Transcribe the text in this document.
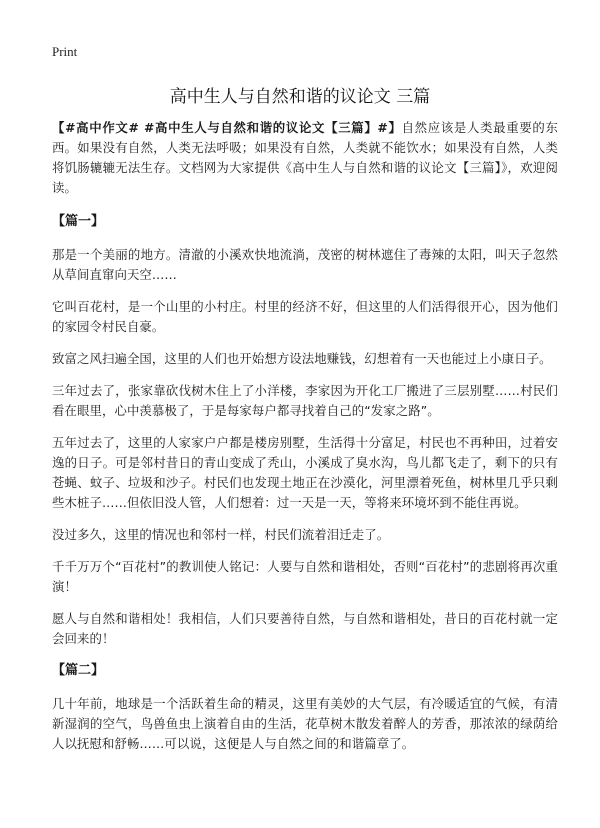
Print
高中生人与自然和谐的议论文 三篇

【#高中作文# #高中生人与自然和谐的议论文【三篇】#】自然应该是人类最重要的东西。如果没有自然，人类无法呼吸；如果没有自然，人类就不能饮水；如果没有自然，人类将饥肠辘辘无法生存。文档网为大家提供《高中生人与自然和谐的议论文【三篇】》，欢迎阅读。

【篇一】

那是一个美丽的地方。清澈的小溪欢快地流淌，茂密的树林遮住了毒辣的太阳，叫天子忽然从草间直窜向天空……

它叫百花村，是一个山里的小村庄。村里的经济不好，但这里的人们活得很开心，因为他们的家园令村民自豪。

致富之风扫遍全国，这里的人们也开始想方设法地赚钱，幻想着有一天也能过上小康日子。

三年过去了，张家靠砍伐树木住上了小洋楼，李家因为开化工厂搬进了三层别墅……村民们看在眼里，心中羡慕极了，于是每家每户都寻找着自己的“发家之路”。

五年过去了，这里的人家家户户都是楼房别墅，生活得十分富足，村民也不再种田，过着安逸的日子。可是邻村昔日的青山变成了秃山，小溪成了臭水沟，鸟儿都飞走了，剩下的只有苍蝇、蚊子、垃圾和沙子。村民们也发现土地正在沙漠化，河里漂着死鱼，树林里几乎只剩些木桩子……但依旧没人管，人们想着：过一天是一天，等将来环境坏到不能住再说。

没过多久，这里的情况也和邻村一样，村民们流着泪迁走了。

千千万万个“百花村”的教训使人铭记：人要与自然和谐相处，否则“百花村”的悲剧将再次重演！

愿人与自然和谐相处！我相信，人们只要善待自然，与自然和谐相处，昔日的百花村就一定会回来的！

【篇二】

几十年前，地球是一个活跃着生命的精灵，这里有美妙的大气层，有冷暖适宜的气候，有清新湿润的空气，鸟兽鱼虫上演着自由的生活，花草树木散发着醉人的芳香，那浓浓的绿荫给人以抚慰和舒畅……可以说，这便是人与自然之间的和谐篇章了。
